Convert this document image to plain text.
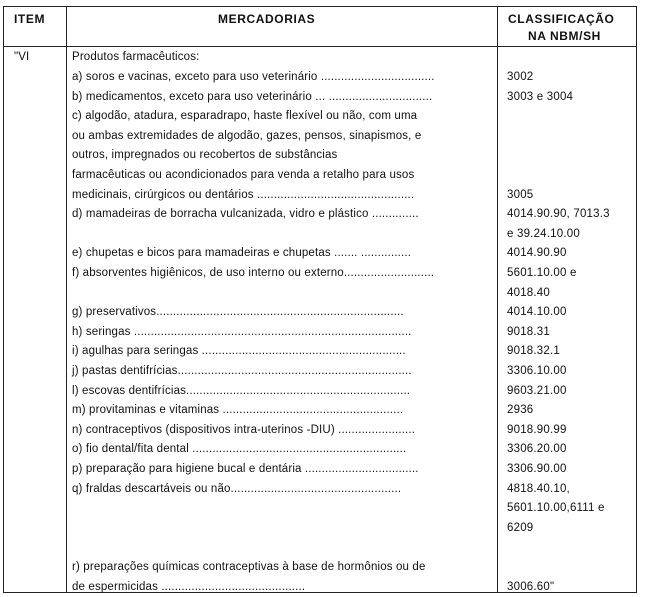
ITEM	MERCADORIAS	CLASSIFICAÇÃO
NA NBM/SH
"VI	Produtos farmacêuticos:
a) soros e vacinas, exceto para uso veterinário ..................................	3002
b) medicamentos, exceto para uso veterinário ... ...............................	3003 e 3004
c) algodão, atadura, esparadrapo, haste flexível ou não, com uma
ou ambas extremidades de algodão, gazes, pensos, sinapismos, e
outros, impregnados ou recobertos de substâncias
farmacêuticas ou acondicionados para venda a retalho para usos
medicinais, cirúrgicos ou dentários ...............................................	3005
d) mamadeiras de borracha vulcanizada, vidro e plástico ..............	4014.90.90, 7013.3
e 39.24.10.00
e) chupetas e bicos para mamadeiras e chupetas ....... ...............	4014.90.90
f) absorventes higiênicos, de uso interno ou externo...........................	5601.10.00 e
4018.40
g) preservativos..........................................................................	4014.10.00
h) seringas ...................................................................................	9018.31
i) agulhas para seringas .............................................................	9018.32.1
j) pastas dentifrícias......................................................................	3306.10.00
l) escovas dentifrícias...................................................................	9603.21.00
m) provitaminas e vitaminas ......................................................	2936
n) contraceptivos (dispositivos intra-uterinos -DIU) .......................	9018.90.99
o) fio dental/fita dental ................................................................	3306.20.00
p) preparação para higiene bucal e dentária ..................................	3306.90.00
q) fraldas descartáveis ou não...................................................	4818.40.10,
5601.10.00,6111 e
6209
r) preparações químicas contraceptivas à base de hormônios ou de
de espermicidas ...........................................	3006.60"
